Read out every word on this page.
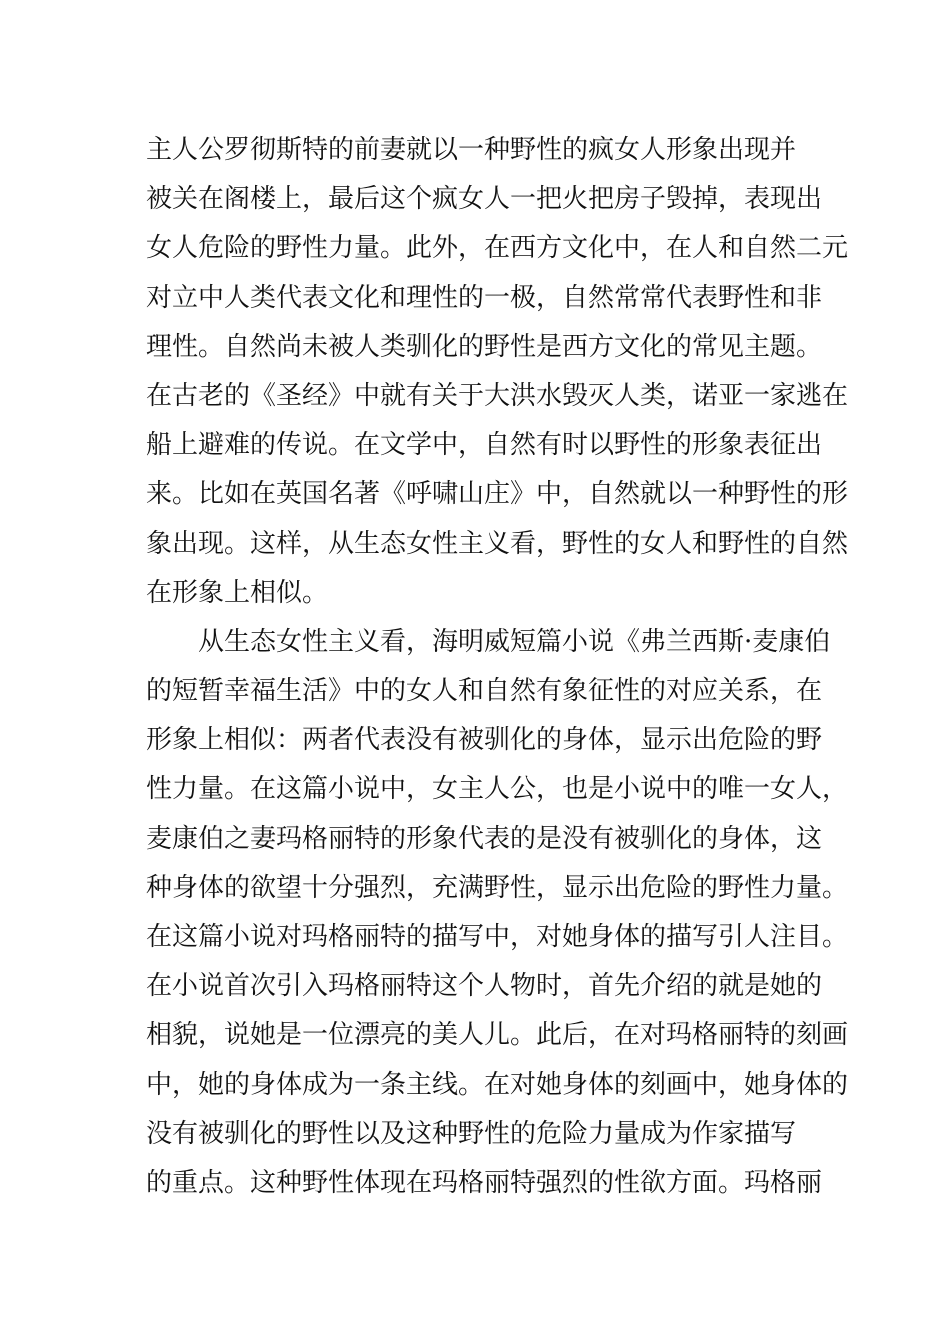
主人公罗彻斯特的前妻就以一种野性的疯女人形象出现并
被关在阁楼上，最后这个疯女人一把火把房子毁掉，表现出
女人危险的野性力量。此外，在西方文化中，在人和自然二元
对立中人类代表文化和理性的一极，自然常常代表野性和非
理性。自然尚未被人类驯化的野性是西方文化的常见主题。
在古老的《圣经》中就有关于大洪水毁灭人类，诺亚一家逃在
船上避难的传说。在文学中，自然有时以野性的形象表征出
来。比如在英国名著《呼啸山庄》中，自然就以一种野性的形
象出现。这样，从生态女性主义看，野性的女人和野性的自然
在形象上相似。
从生态女性主义看，海明威短篇小说《弗兰西斯·麦康伯
的短暂幸福生活》中的女人和自然有象征性的对应关系，在
形象上相似：两者代表没有被驯化的身体，显示出危险的野
性力量。在这篇小说中，女主人公，也是小说中的唯一女人，
麦康伯之妻玛格丽特的形象代表的是没有被驯化的身体，这
种身体的欲望十分强烈，充满野性，显示出危险的野性力量。
在这篇小说对玛格丽特的描写中，对她身体的描写引人注目。
在小说首次引入玛格丽特这个人物时，首先介绍的就是她的
相貌，说她是一位漂亮的美人儿。此后，在对玛格丽特的刻画
中，她的身体成为一条主线。在对她身体的刻画中，她身体的
没有被驯化的野性以及这种野性的危险力量成为作家描写
的重点。这种野性体现在玛格丽特强烈的性欲方面。玛格丽
